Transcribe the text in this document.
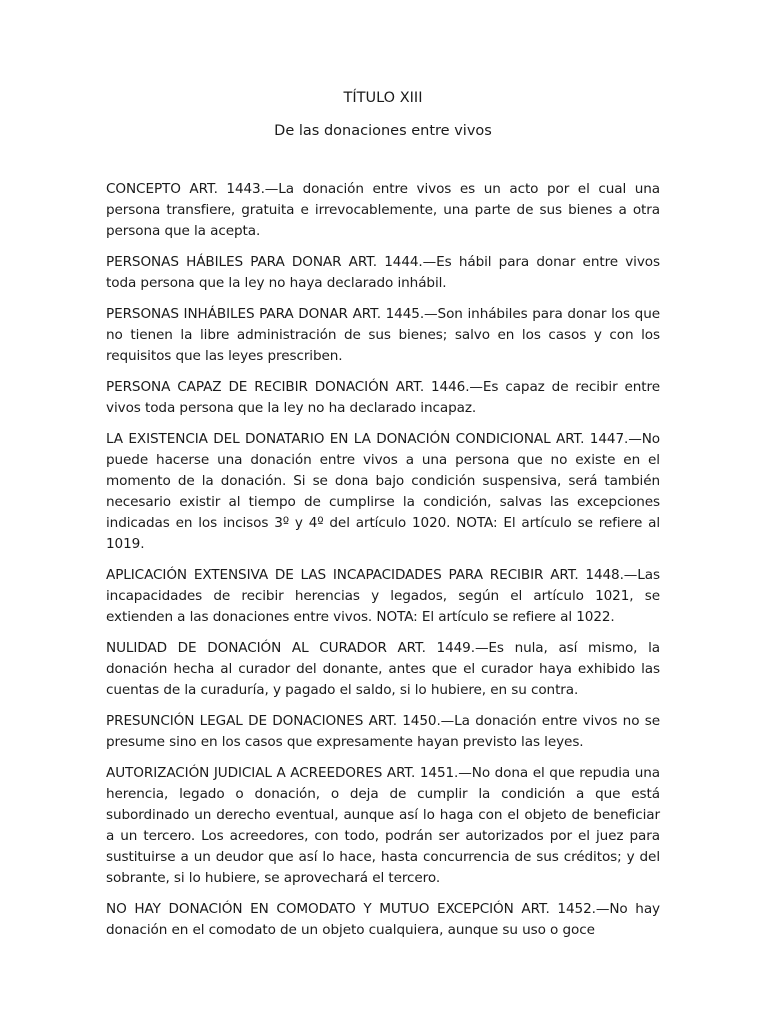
TÍTULO XIII
De las donaciones entre vivos

CONCEPTO ART. 1443.—La donación entre vivos es un acto por el cual una persona transfiere, gratuita e irrevocablemente, una parte de sus bienes a otra persona que la acepta.

PERSONAS HÁBILES PARA DONAR ART. 1444.—Es hábil para donar entre vivos toda persona que la ley no haya declarado inhábil.

PERSONAS INHÁBILES PARA DONAR ART. 1445.—Son inhábiles para donar los que no tienen la libre administración de sus bienes; salvo en los casos y con los requisitos que las leyes prescriben.

PERSONA CAPAZ DE RECIBIR DONACIÓN ART. 1446.—Es capaz de recibir entre vivos toda persona que la ley no ha declarado incapaz.

LA EXISTENCIA DEL DONATARIO EN LA DONACIÓN CONDICIONAL ART. 1447.—No puede hacerse una donación entre vivos a una persona que no existe en el momento de la donación. Si se dona bajo condición suspensiva, será también necesario existir al tiempo de cumplirse la condición, salvas las excepciones indicadas en los incisos 3º y 4º del artículo 1020. NOTA: El artículo se refiere al 1019.

APLICACIÓN EXTENSIVA DE LAS INCAPACIDADES PARA RECIBIR ART. 1448.—Las incapacidades de recibir herencias y legados, según el artículo 1021, se extienden a las donaciones entre vivos. NOTA: El artículo se refiere al 1022.

NULIDAD DE DONACIÓN AL CURADOR ART. 1449.—Es nula, así mismo, la donación hecha al curador del donante, antes que el curador haya exhibido las cuentas de la curaduría, y pagado el saldo, si lo hubiere, en su contra.

PRESUNCIÓN LEGAL DE DONACIONES ART. 1450.—La donación entre vivos no se presume sino en los casos que expresamente hayan previsto las leyes.

AUTORIZACIÓN JUDICIAL A ACREEDORES ART. 1451.—No dona el que repudia una herencia, legado o donación, o deja de cumplir la condición a que está subordinado un derecho eventual, aunque así lo haga con el objeto de beneficiar a un tercero. Los acreedores, con todo, podrán ser autorizados por el juez para sustituirse a un deudor que así lo hace, hasta concurrencia de sus créditos; y del sobrante, si lo hubiere, se aprovechará el tercero.

NO HAY DONACIÓN EN COMODATO Y MUTUO EXCEPCIÓN ART. 1452.—No hay donación en el comodato de un objeto cualquiera, aunque su uso o goce
